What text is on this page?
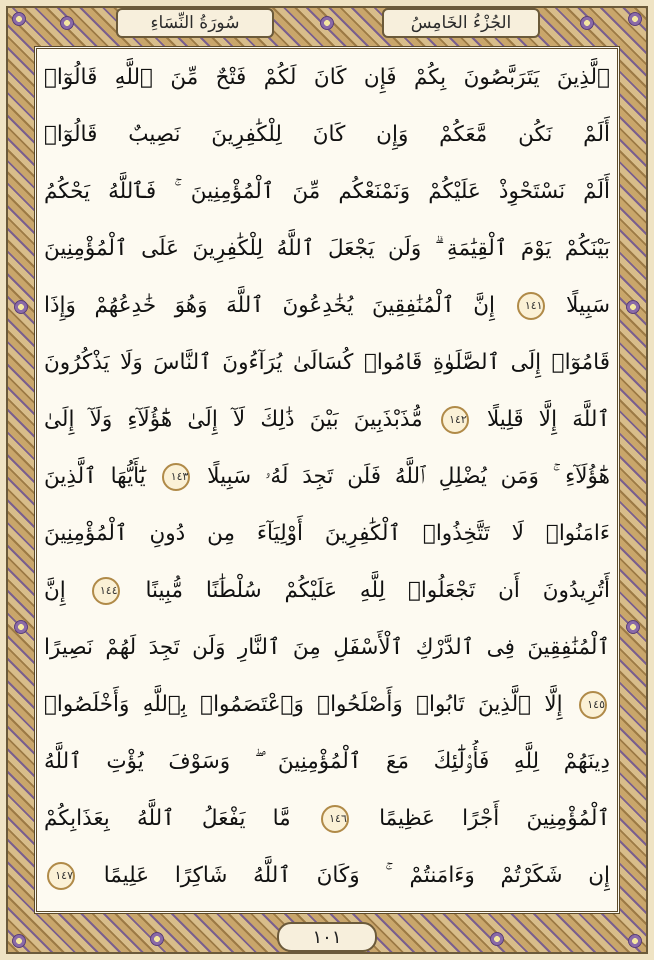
سُورَةُ النِّسَاءِ	الجُزْءُ الخَامِسُ
ٱلَّذِينَ يَتَرَبَّصُونَ بِكُمْ فَإِن كَانَ لَكُمْ فَتْحٌ مِّنَ ٱللَّهِ قَالُوٓا۟
أَلَمْ نَكُن مَّعَكُمْ وَإِن كَانَ لِلْكَٰفِرِينَ نَصِيبٌ قَالُوٓا۟
أَلَمْ نَسْتَحْوِذْ عَلَيْكُمْ وَنَمْنَعْكُم مِّنَ ٱلْمُؤْمِنِينَ ۚ فَٱللَّهُ يَحْكُمُ
بَيْنَكُمْ يَوْمَ ٱلْقِيَٰمَةِ ۗ وَلَن يَجْعَلَ ٱللَّهُ لِلْكَٰفِرِينَ عَلَى ٱلْمُؤْمِنِينَ
سَبِيلًا ١٤١ إِنَّ ٱلْمُنَٰفِقِينَ يُخَٰدِعُونَ ٱللَّهَ وَهُوَ خَٰدِعُهُمْ وَإِذَا
قَامُوٓا۟ إِلَى ٱلصَّلَوٰةِ قَامُوا۟ كُسَالَىٰ يُرَآءُونَ ٱلنَّاسَ وَلَا يَذْكُرُونَ
ٱللَّهَ إِلَّا قَلِيلًا ١٤٢ مُّذَبْذَبِينَ بَيْنَ ذَٰلِكَ لَآ إِلَىٰ هَٰٓؤُلَآءِ وَلَآ إِلَىٰ
هَٰٓؤُلَآءِ ۚ وَمَن يُضْلِلِ ٱللَّهُ فَلَن تَجِدَ لَهُۥ سَبِيلًا ١٤٣ يَٰٓأَيُّهَا ٱلَّذِينَ
ءَامَنُوا۟ لَا تَتَّخِذُوا۟ ٱلْكَٰفِرِينَ أَوْلِيَآءَ مِن دُونِ ٱلْمُؤْمِنِينَ
أَتُرِيدُونَ أَن تَجْعَلُوا۟ لِلَّهِ عَلَيْكُمْ سُلْطَٰنًا مُّبِينًا ١٤٤ إِنَّ
ٱلْمُنَٰفِقِينَ فِى ٱلدَّرْكِ ٱلْأَسْفَلِ مِنَ ٱلنَّارِ وَلَن تَجِدَ لَهُمْ نَصِيرًا
١٤٥ إِلَّا ٱلَّذِينَ تَابُوا۟ وَأَصْلَحُوا۟ وَٱعْتَصَمُوا۟ بِٱللَّهِ وَأَخْلَصُوا۟
دِينَهُمْ لِلَّهِ فَأُو۟لَٰٓئِكَ مَعَ ٱلْمُؤْمِنِينَ ۖ وَسَوْفَ يُؤْتِ ٱللَّهُ
ٱلْمُؤْمِنِينَ أَجْرًا عَظِيمًا ١٤٦ مَّا يَفْعَلُ ٱللَّهُ بِعَذَابِكُمْ
إِن شَكَرْتُمْ وَءَامَنتُمْ ۚ وَكَانَ ٱللَّهُ شَاكِرًا عَلِيمًا ١٤٧
١٠١
